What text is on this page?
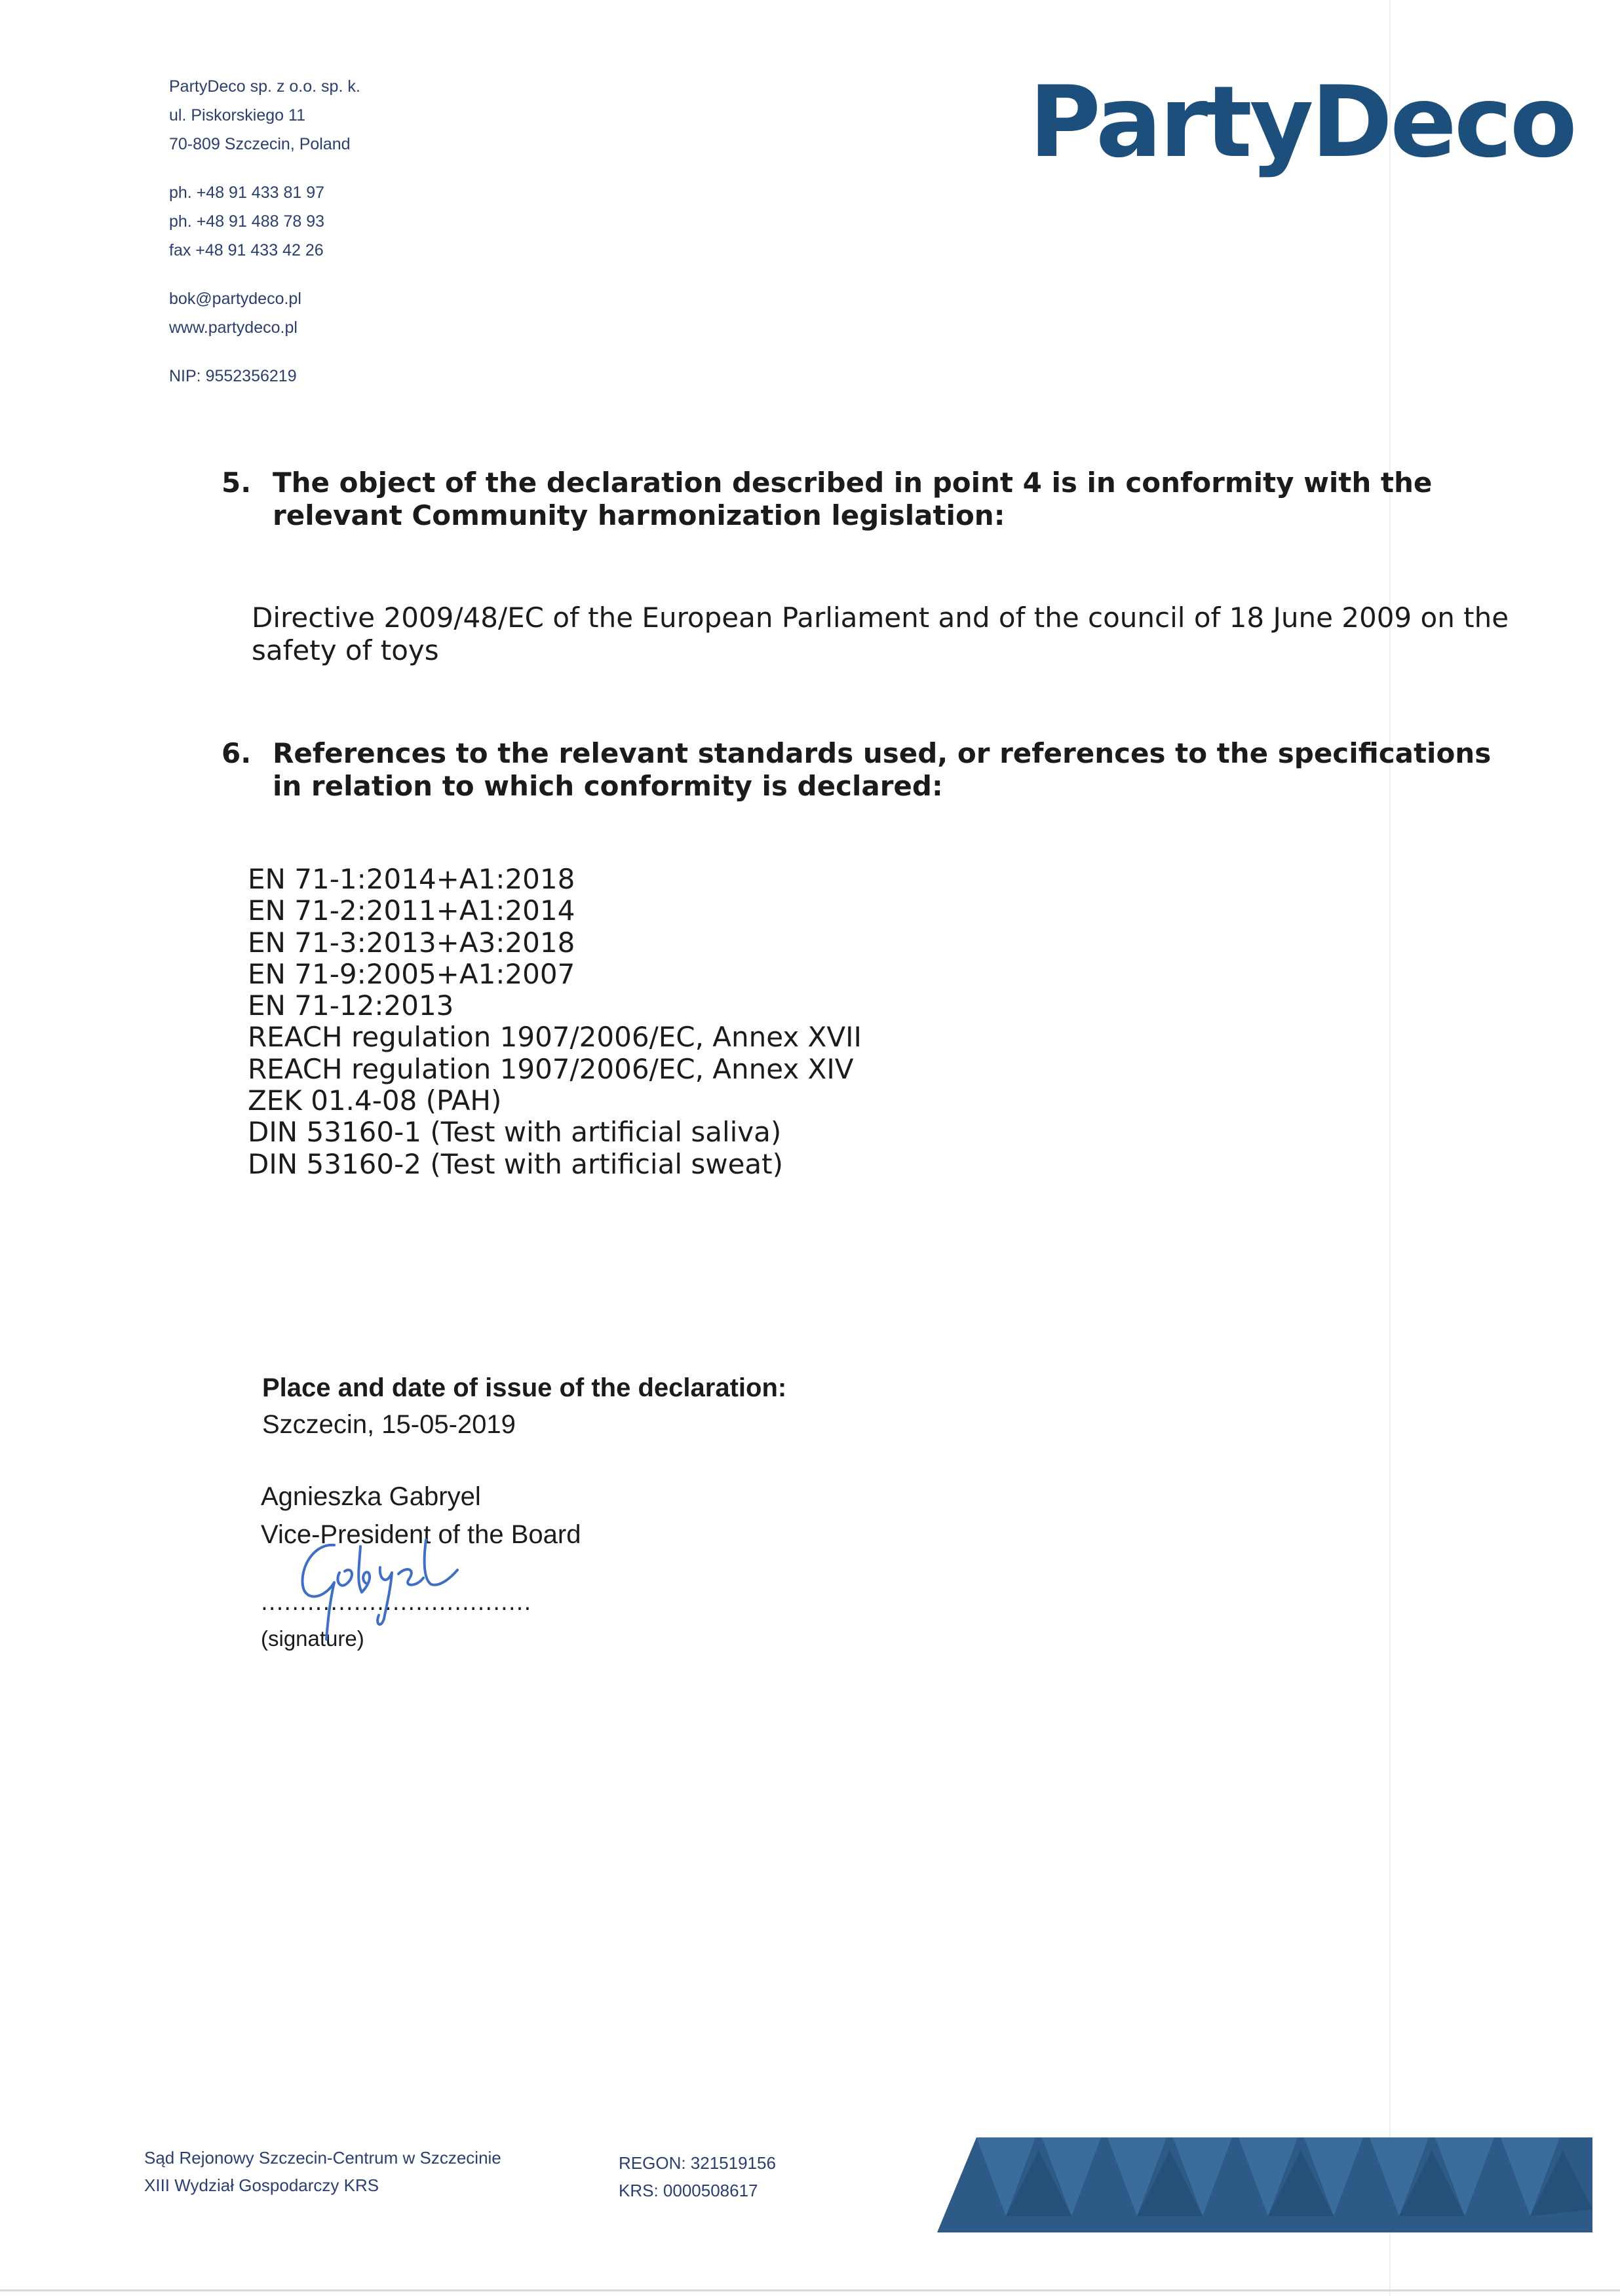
PartyDeco sp. z o.o. sp. k.
ul. Piskorskiego 11
70-809 Szczecin, Poland
ph. +48 91 433 81 97
ph. +48 91 488 78 93
fax +48 91 433 42 26
bok@partydeco.pl
www.partydeco.pl
NIP: 9552356219
PartyDeco
5. The object of the declaration described in point 4 is in conformity with the relevant Community harmonization legislation:
Directive 2009/48/EC of the European Parliament and of the council of 18 June 2009 on the safety of toys
6. References to the relevant standards used, or references to the specifications in relation to which conformity is declared:
EN 71-1:2014+A1:2018
EN 71-2:2011+A1:2014
EN 71-3:2013+A3:2018
EN 71-9:2005+A1:2007
EN 71-12:2013
REACH regulation 1907/2006/EC, Annex XVII
REACH regulation 1907/2006/EC, Annex XIV
ZEK 01.4-08 (PAH)
DIN 53160-1 (Test with artificial saliva)
DIN 53160-2 (Test with artificial sweat)
Place and date of issue of the declaration:
Szczecin, 15-05-2019
Agnieszka Gabryel
Vice-President of the Board
...................................
(signature)
Sąd Rejonowy Szczecin-Centrum w Szczecinie
XIII Wydział Gospodarczy KRS
REGON: 321519156
KRS: 0000508617
